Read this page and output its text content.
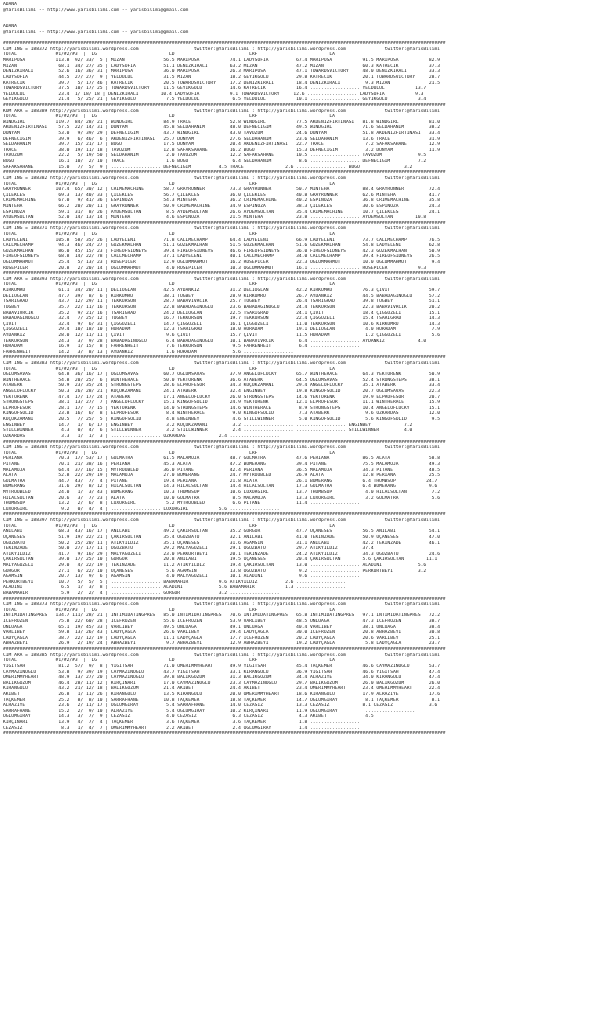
ADANA
@YarisBilimi -- http://www.yarisbilimi.com -- yarisbilimi@gmail.com
ADANA
@YarisBilimi -- http://www.yarisbilimi.com -- yarisbilimi@gmail.com
################################################################################################################################################################
CIM ING = 188372 http://yarisbilimi.wordpress.com                    twitter:@YarisBilimi : http://yarisbilimi.wordpress.com              twitter:@YarisBilimi
TOTAL              #1/#2/#3  |  LG                          LD                           LRF                          LA
MARIPOSA           113.8  92/ 33/  5 | MIZAN              56.5 MARIPOSA           74.1 LADYSOFIA          67.4 MARIPOSA           91.5 MARIPOSA           82.9
MIZAN               68.1  34/ 27/ 35 | LADYSOFIA          51.1 DENIZKIRALI        63.2 MIZAN              47.2 MIZAN              60.3 KATRECIK           37.3
DENIZKIRALI         52.6  16/ 36/ 31 | MARIPOSA           36.0 MARIPOSA           26.3 MARIPOSA           47.1 TOWARDSVICTORY     48.0 DENIZKIRALI        33.3
LADYSOFIA           44.5  27/ 27/  9 | YELDÜLÜL           31.5 MIZAN              18.2 GEYIKGÖLÜ          29.8 KATRECIK           20.1 TOWARDSVICTORY     28.7
KATRECIK            39.7   5/ 17/ 46 | KATRECIK           20.5 TOWARDSVICTORY     17.2 DENIZKIRALI        18.4 DENIZKIRALI         9.3 MIZAN              21.5
TOWARDSVICTORY      37.5  10/ 17/ 25 | TOWARDSVICTORY     11.5 GEYIKGÖLÜ          14.6 KATRECIK           16.4 .................. YELDÜLÜL           13.7
YELDÜLÜL            23.4  1/ 18/ 18 | DENIZKIRALI        10.4 LADYSOFIA           9.1 TOWARDSVICTORY     12.6 .................. LADYSOFIA           9.3
GEYIKGÖLÜ           21.4   5/ 25/ 21 | GEYIKGÖLÜ           7.5 YELDÜLÜL            6.5 YELDÜLÜL           10.1 .................. GEYIKGÖLÜ           3.4
################################################################################################################################################################
KUM ARA = 188389 http://yarisbilimi.wordpress.com                    twitter:@YarisBilimi : http://yarisbilimi.wordpress.com              twitter:@YarisBilimi
TOTAL              #1/#2/#3  |  LG                          LD                           LRF                          LA
WINDGIRL           119.7  84/ 28/ 21 | WINDGIRL           84.9 TRACE              52.8 WINDGIRL           77.5 AKDENIZFIRTINASI   81.8 WINDGIRL           81.0
AKDENIZFIRTINASI    57.5  22/ 14/ 31 | DÜNYAM             45.8 SELDAHANIM         48.0 DEFNECIGIM         49.5 WINDGIRL           71.6 SELDAHANIM         38.2
DÜNYAM              53.0   9/ 39/ 29 | DEFNECIGIM         43.7 WINDGIRL           43.0 TAVUZUM            24.6 DÜNYAM             51.8 AKDENIZFIRTINASI   33.4
DEFNECIGIM          39.9   6/ 46/  6 | AKDENIZFIRTINASI   25.7 DÜNYAM             27.6 SELDAHANIM         23.6 SELDAHANIM         13.6 TRACE              31.9
SELDAHANIM          39.7  15/ 21/ 17 | BUGU               17.5 DUNYAM             20.4 AKDENIZFIRTINASI   22.7 TRACE               7.2 SAFAKSAHANE        12.9
TRACE               38.0  19/ 11/ 18 | TAVUZUM            12.8 SAFAKSAHANE        16.2 BUGU               15.3 DEFNECIGIM          3.2 DÜNYAM             11.9
TAVUZUM             22.2   5/ 19/ 50 | SELDAHANIM          2.0 TAVUZUM            12.2 SAFAKSAHANE        10.5 .................. TAVUZUM             9.5
BUGU                16.1  10/  2/ 10 | TRACE               1.6 BUGU                6.4 SELDAHANIM          8.6 .................. DEFNECIGIM          7.2
SAFAKSAHANE         15.0   7/  5/  9 | .................. DEFNECIGIM          4.5 TRACE               2.6 .................. BUGU                3.2
################################################################################################################################################################
CIM ING = 188382 http://yarisbilimi.wordpress.com                    twitter:@YarisBilimi : http://yarisbilimi.wordpress.com              twitter:@YarisBilimi
TOTAL              #1/#2/#3  |  LG                          LD                           LRF                          LA
GRAYRUNNER         107.4  65/ 30/ 12 | CRIMEMACHINE       58.7 GRAYRUNNER         73.3 GRAYRUNNER         50.7 MINTEHA            88.4 GRAYRUNNER         72.4
ÇILEKLES            69.3  13/ 40/ 33 | ÇILEKLES           56.7 ÇILEKLES           36.0 ÇILEKLES           40.8 GRAYRUNNER         62.6 MINTEHA            41.7
CRIMEMACHINE        67.0   9/ 41/ 36 | ESPINOZA           54.3 MINTEHA            36.2 CRIMEMACHINE       40.2 ESPINOZA           36.8 CRIMEMACHINE       35.8
MINTEHA             66.2  20/ 20/ 11 | GRAYRUNNER         50.9 CRIMEMACHINE       34.9 ESPINOZA           38.3 ÇILEKLES           30.6 ESPINOZA           24.3
ESPINOZA            59.1  31/  8/ 26 | AYDEMSULTAN         8.5 AYDEMSULTAN        26.6 AYDEMSULTAN        35.4 CRIMEMACHINE       10.7 ÇILEKLES           24.1
AYDEMSULTAN         52.0  14/ 13/ 14 | MINTEHA             4.6 ESPINOZA           21.5 MINTEHA            23.8 .................. AYDEMSULTAN        10.8
################################################################################################################################################################
CIM ING = 188371 http://yarisbilimi.wordpress.com                    twitter:@YarisBilimi : http://yarisbilimi.wordpress.com              twitter:@YarisBilimi
TOTAL              #1/#2/#3  |  LG                          LD                           LRF                          LA
LADYELENI          105.8  58/ 35/ 26 | LADYELENI          71.8 CALLMECHAMP        64.4 LADYELENI          66.9 LADYELENI          73.7 CALLMECHAMP        76.5
CALLMECHAMP         94.3  46/ 24/ 27 | GÜZEKMALHAN        51.1 GÜZEKMALHAN        51.5 GÜZEKMALHAN        51.6 GÜZEKMALHAN        54.8 LADYELENI          62.8
GÜZEKMALHAN         86.0  45/ 15/ 23 | FIREOFSIDNEYS      39.4 FIREOFSIDNEYS      46.6 FIREOFSIDNEYS      36.0 FIREOFSIDNEYS      42.3 GÜZEKMALHAN        50.9
FIREOFSIDNEYS       68.8  14/ 22/ 78 | CALLMECHAMP        37.1 LADYELENI          40.1 CALLMECHAMP        34.0 CALLMECHAMP        39.4 FIREOFSIDNEYS      26.5
OGLUMMAHMUT         25.4   5/ 13/ 23 | ROSEPICER          12.9 OGLUMMAHMUT        16.2 ROSEPICER          22.3 OGLUMMAHMUT        10.0 OGLUMMAHMUT         9.4
ROSEPICER           20.8   2/ 20/ 14 | OGLUMMAHMUT         4.0 ROSEPICER          10.3 OGLUMMAHMUT        16.1 .................. ROSEPICER           9.3
################################################################################################################################################################
CIM ARA = 188393 http://yarisbilimi.wordpress.com                    twitter:@YarisBilimi : http://yarisbilimi.wordpress.com              twitter:@YarisBilimi
TOTAL              #1/#2/#3  |  LG                          LD                           LRF                          LA
KIRKUMRU            61.1  34/ 20/ 11 | DELIOGLAN          42.5 AYDANKIZ           31.2 DELIOGLAN          42.2 KIRKUMRU           76.3 ÇIVIT              59.7
DELIOGLAN           47.7  39/  8/  6 | KIRKUMRU           38.1 TUGBEY             28.9 KIRKUMRU           26.7 AYDANKIZ           44.5 BABADAGINOGLU      57.2
TSARIGRAD           43.7  12/ 29/ 11 | TEKKURSUN          28.7 BABAVIVRCIK        25.7 TUGBEY             26.4 TSARIGRAD          39.8 TUGBEY             51.1
TUGBEY              35.7  22/ 11/ 16 | TEKKURSUN          22.8 BABADAGINOGLU      23.6 BABADAGINOGLU      24.4 TEKKURSUN          22.3 BABAVIVRCIK        20.2
BABAVIVRCIK         35.2   9/ 21/ 16 | TSARIGRAD          24.2 DELIOGLAN          22.5 TSARIGRAD          24.1 ÇIVIT              18.4 ÇIGGÜZELI          15.1
BABADAGINOGLU       32.4   7/ 25/ 12 | TUGBEY             16.7 TEKKURSUN          19.7 TEKKURSUN          22.4 ÇIGGÜZELI          15.4 TSARIGRAD          14.3
ÇIVIT               32.4   9/  6/ 31 | ÇIGGÜZELI          14.7 ÇIGGÜZELI          16.1 ÇIGGÜZELI          11.0 TEKKURSUN          10.6 KIRKUMRU           14.3
ÇIGGÜZELI           29.4  10/ 18/ 10 | HÜRADAM            12.3 TSARIGRAD          18.0 HÜRADAM            19.1 DELIOGLAN           4.0 HÜRADAM             7.9
AYDANKIZ            28.0  12/ 11/ 11 | ÇIVIT               9.6 ÇIVIT              15.7 ÇIVIT              11.5 HÜRADAM             1.2 ÇIGGÜZELI           5.6
TEKKURSUN           24.3   3/  9/ 28 | BABADAGINOGLU       6.4 BABADAGINOGLU      10.1 BABAVIVRCIK         6.4 .................. AYDANKIZ            4.0
HÜRADAM             16.9   1/ 15/  8 | FAHRENHEIT          7.6 TEKKURSUN           9.5 FAHRENHEIT          6.4 ..................
FAHRENHEIT          14.2   3/  8/ 13 | AYDANKIZ            1.6 HÜRADAM             5.6 ..................
################################################################################################################################################################
CIM ING = 188383 http://yarisbilimi.wordpress.com                    twitter:@YarisBilimi : http://yarisbilimi.wordpress.com              twitter:@YarisBilimi
TOTAL              #1/#2/#3  |  LG                          LD                           LRF                          LA
OGLUMSAVAS          64.8  36/ 16/ 17 | OGLUMSAVAS         60.7 OGLUMSAVAS         37.9 ANGELOFLUCKY       65.7 WINTHERACE         64.3 YEKTORENK          50.9
WINTHERACE          54.8  20/ 25/  6 | WINTHERACE         50.0 YEKTORENK          36.6 ATABERK            64.5 OGLUMSAVAS         52.4 STRONGSTEPS        38.1
ATABERK             50.9  23/ 35/ 24 | STRONGSTEPS        28.6 ELPROFESOR         34.3 KÜÇÜKZAMANI        29.4 ANGELOFLUCKY       35.1 ATABERK            33.4
ANGELOFLUCKY        50.3  26/ 28/ 21 | KÜÇÜKZAMANI        24.1 ATABERK            32.4 ENGINBEY           19.8 KINGOFSOLID        20.7 OGLUMSAVAS         22.3
YEKTORENK           47.4  17/ 17/ 24 | ATABERK            17.1 ANGELOFLUCKY       26.0 STRONGSTEPS        14.6 YEKTORENK          19.9 ELPROFESOR         20.7
STRONGSTEPS         38.1  13/ 27/  7 | ANGELOFLUCKY       15.1 KINGOFSOLID        24.9 YEKTORENK          12.1 ELPROFESOR         11.1 WINTHERACE         15.9
ELPROFESOR          28.1  17/  7/ 15 | YEKTORENK          14.0 STRONGSTEPS        14.6 WINTHERACE          8.9 STRONGSTEPS        10.4 ANGELOFLUCKY       15.1
KINGOFSOLID         23.8  16/  6/  8 | ELPROFESOR          8.4 WINTHERACE          9.0 KINGOFSOLID         7.3 ATABERK             9.6 ÖZKARDAS           12.0
KÜÇÜKZAMANI         20.5   7/ 25/  5 | KINGOFSOLID         4.8 ENGINBEY            4.6 STILLWINNER         5.0 KINGOFSOLID         5.6 KINGOFSOLID         9.5
ENGINBEY            14.7   1/  6/ 17 | ENGINBEY            3.2 KÜÇÜKZAMANI         3.2 .................. .................. ENGINBEY            7.2
STILLWINNER          4.3   0/  4/  6 | STILLWINNER         3.2 STILLWINNER         2.4 .................. .................. STILLWINNER         4.0
ÖZKARDAS             3.3   1/  1/  3 | .................. ÖZKARDAS            2.4 ..................
################################################################################################################################################################
CIM ING = 188384 http://yarisbilimi.wordpress.com                    twitter:@YarisBilimi : http://yarisbilimi.wordpress.com              twitter:@YarisBilimi
TOTAL              #1/#2/#3  |  LG                          LD                           LRF                          LA
PERIANA             70.3  17/ 53/ 17 | GÜLMATRA           61.5 MALAMOJA           48.7 GÜLMATRA           47.6 PERIANA            86.5 ALATA              58.8
PITANE              70.1  21/ 38/ 16 | PERIANA            45.3 ALATA              47.2 BUMERANG           39.4 PITANE             75.5 MALAMOJA           49.3
MALAMOJA            64.4  37/ 16/ 15 | MYTROUBLED         36.0 PITANE             42.4 PERIANA            36.5 MALAMOJA           34.3 PITANE             48.5
ALATA               52.8  22/ 29/ 19 | MALAMOJA           27.0 BUMERANG           24.7 MYTROUBLED         26.9 ALATA              12.8 PERIANA            25.5
GÜLMATRA            44.7  43/  7/  4 | PITANE             19.4 PERIANA            21.8 ALATA              26.1 BUMERANG           6.4 THUMBSUP           24.7
BUMERANG            31.6  29/  8/ 12 | HILALSULTAN        14.3 HILALSULTAN        14.4 HILALSULTAN        17.3 GÜLMATRA           6.4 BUMERANG            9.6
MYTROUBLED          24.0   1/  3/ 43 | BUMERANG           10.3 THUMBSUP           10.6 LUXORGIRL          13.7 THUMBSUP            4.0 HILALSULTAN         7.2
HILALSULTAN         20.6   3/  7/ 23 | ALATA              10.0 GÜLMATRA            8.5 MALAMOJA           13.3 LUXORGIRL           3.2 GÜLMATRA            5.6
THUMBSUP            13.2   2/  6/  8 | LUXORGIRL           5.2 MYTROUBLED          6.6 PITANE             11.4 ..................
LUXORGIRL            9.2   0/  4/  4 | .................. LUXORGIRL           5.6 ..................
################################################################################################################################################################
CIM ING = 188397 http://yarisbilimi.wordpress.com                    twitter:@YarisBilimi : http://yarisbilimi.wordpress.com              twitter:@YarisBilimi
TOTAL              #1/#2/#3  |  LG                          LD                           LRF                          LA
ANILABI             68.3  43/ 16/ 17 | ANILABI            49.2 ÇAKIRSULTAN        35.2 GÜRGÖR             47.7 UÇANESES           56.5 ANILABI            54.1
UÇANESES            51.9  19/ 22/ 21 | ÇAKIRSULTAN        35.4 OGUZBATU           32.1 ANILABI            41.0 TEKINZADE          50.9 UÇANESES           47.0
OGUZBATU            50.2  25/ 20/ 11 | ATIKYILDIZ         35.1 UÇANESES           31.6 AGAMSIN            31.1 ANILABI            42.2 TEKINZADE          46.1
TEKINZADE           50.0  27/ 17/ 11 | OGUZBATU           29.2 MALYAGÜZELI        29.1 OGUZBATU           29.7 ATIKYILDIZ         37.4
ATIKYILDIZ          41.7   9/ 16/ 29 | MALYAGÜZELI        23.0 PERKURTBEYI        20.1 TEKINZADE          24.2 ATIKYILDIZ         34.3 OGUZBATU           24.6
ÇAKIRSULTAN         39.0  17/ 25/ 10 | GÜRGÖR             20.8 ANILABI            19.5 UÇANESES           20.4 ÇAKIRSULTAN        5.6 ÇAKIRSULTAN        11.1
MALYAGÜZELI         29.0   4/ 22/ 19 | TEKINZADE          11.2 ATIKYILDIZ         19.4 ÇAKIRSULTAN        13.0 .................. ALADINI             5.6
GÜRGÖR              27.1   6/ 22/ 10 | UÇANESES            5.6 AGAMSIN            13.8 OGUZBATU            9.2 .................. PERKURTBEYI         3.2
AGAMSIN             20.7  13/  9/  6 | AGAMSIN             4.0 MALYAGÜZELI        10.1 ALADINI             9.6 ..................
PERKURTBEYI         10.7   5/  5/  5 | .................. BABAMAHIR           9.6 ATIKYILDIZ          2.6 ..................
ALADINI              6.5   1/  3/  8 | .................. ALADINI             5.6 BABAMAHIR           1.3 ..................
BABAMAHIR            5.9   2/  2/  4 | .................. GÜRGÖR              3.2 ..................
################################################################################################################################################################
CIM ING = 188373 http://yarisbilimi.wordpress.com                    twitter:@YarisBilimi : http://yarisbilimi.wordpress.com              twitter:@YarisBilimi
TOTAL              #1/#2/#3  |  LG                          LD                           LRF                          LA
INTIMIDATINGPRES   134.7 111/ 28/ 21 | INTIMIDATINGPRES   85.0 INTIMIDATINGPRES   70.6 INTIMIDATINGPRES   65.8 INTIMIDATINGPRES   97.1 INTIMIDATINGPRES   72.2
ICEFROZEN           75.8  22/ 60/ 28 | ICEFROZEN          55.6 ICEFROZEN          53.9 VARLIBEY           48.5 ÜNLÜAGA            47.3 ICEFROZEN          38.7
ÜNLÜAGA             65.1  19/ 45/ 33 | VARLIBEY           49.5 ÜNLÜAGA            49.1 ÜNLÜAGA            40.4 VARLIBEY           38.1 ÜNLÜAGA            38.4
VARLIBEY            59.8  13/ 26/ 43 | LADYÇAGLA          26.6 VARLIBEY           29.4 LADYÇAGLA          30.0 ICEFROZEN          20.8 ABHAZBEYI          30.8
LADYÇAGLA           38.7  22/ 12/ 19 | LADYÇAGLA          11.1 LADYÇAGLA          17.7 ICEFROZEN          20.2 LADYÇAGLA          20.6 VARLIBEY           25.1
ABHAZBEYI           26.9   2/ 19/ 24 | ABHAZBEYI           9.7 ABHAZBEYI          12.9 ABHAZBEYI          19.2 LADYÇAGLA           5.8 LADYÇAGLA          23.7
################################################################################################################################################################
CIM ARA = 188385 http://yarisbilimi.wordpress.com                    twitter:@YarisBilimi : http://yarisbilimi.wordpress.com              twitter:@YarisBilimi
TOTAL              #1/#2/#3  |  LG                          LD                           LRF                          LA
YIGITSAH            81.2  57/  9/  8 | YIGITSAH           71.0 ÖMERIMMYHEART      49.9 YIGITSAH           45.4 TAÇKEMER           46.6 CAYMAZINOGLU       53.7
CAYMAZINOGLU        53.8   9/ 39/ 19 | CAYMAZINOGLU       43.7 YIGITSAH           33.1 KIRANGÜLÜ          36.9 YIGITSAH           46.6 YIGITSAH           47.4
ÖMERIMMYHEART       48.9  13/ 27/ 20 | CAYMAZINOGLU       39.8 BALIKGÖZÜM         31.3 BALIKGÖZÜM         34.4 ALRAZIYE           34.0 KIRANGÜLÜ          47.4
BALIKGÖZÜM          46.4  28/ 11/ 12 | KIRÇINARI          17.0 CAYMAZINOGLU       23.3 CAYMAZINOGLU       29.7 BALIKGÖZÜM         26.0 BALIKGÖZÜM         26.0
KIRANGÜLÜ           43.2  21/ 12/ 18 | BALIKGÖZÜM         21.4 AKIBET             24.4 AKIBET             23.4 ÖMERIMMYHEART      23.4 ÖMERIMMYHEART      22.4
AKIBET              26.8   1/ 11/ 26 | KIRANGÜLÜ          13.5 KIRANGÜLÜ          20.0 ÖMERIMMYHEART      18.6 KIRANGÜLÜ          17.9 ALRAZIYE           17.6
TAÇKEMER            25.2   8/  8/ 10 | SARRAFHANE         10.8 TAÇKEMER           18.8 TAÇKEMER           14.7 OGLUMGIRAY          8.1 TAÇKEMER            8.1
ALRAZIYE            23.6   2/ 11/ 17 | OGLUMGIRAY          5.4 SARRAFHANE         14.0 CEZASIZ            13.3 CEZASIZ            8.1 CEZASIZ             3.6
SARRAFHANE          15.2   2/  9/ 10 | ALRAZIYE            5.4 OGLUMGIRAY         10.2 KIRÇINARI          11.9 OGLUMGIRAY          ..................
OGLUMGIRAY          14.3   3/  7/  9 | CEZASIZ             4.0 CEZASIZ             6.3 CEZASIZ             4.3 AKIBET              4.5
KIRÇINARI           13.9   4/  7/  4 | TAÇKEMER            3.6 TAÇKEMER            3.6 TAÇKEMER            1.8 ..................
CEZASIZ              8.3   1/  4/  7 | ÖMERIMMYHEART       2.2 AKIBET              2.4 OGLUMGIRAY          1.4 ..................
################################################################################################################################################################
